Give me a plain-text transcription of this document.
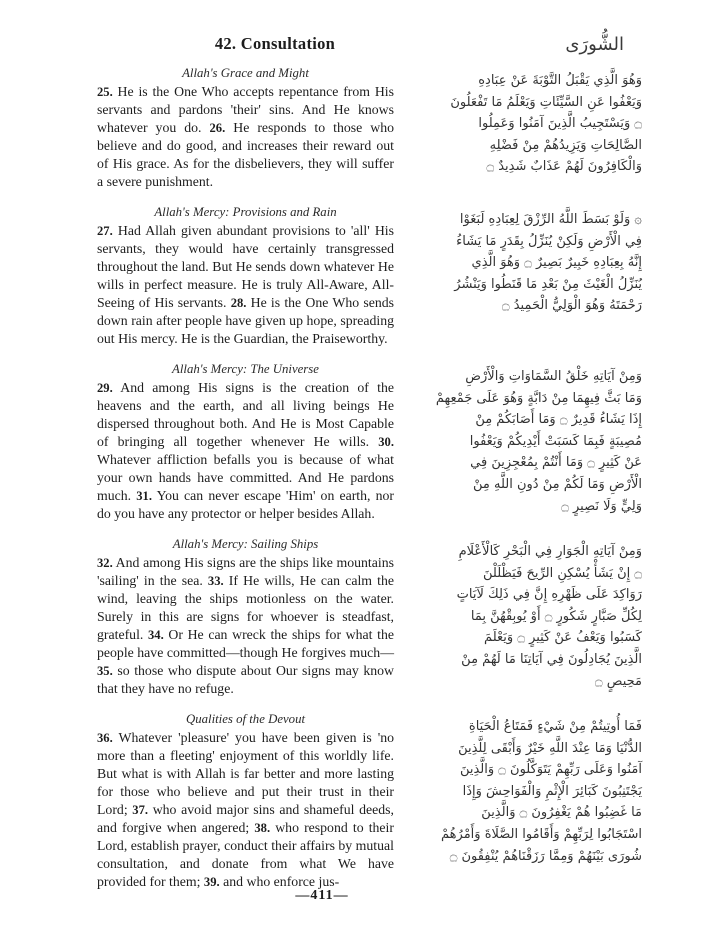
42. Consultation	الشُّورَى
Allah's Grace and Might

25. He is the One Who accepts repentance from His servants and pardons 'their' sins. And He knows whatever you do. 26. He responds to those who believe and do good, and increases their reward out of His grace. As for the disbelievers, they will suffer a severe punishment.

وَهُوَ الَّذِي يَقْبَلُ التَّوْبَةَ عَنْ عِبَادِهِ
وَيَعْفُوا عَنِ السَّيِّئَاتِ وَيَعْلَمُ مَا تَفْعَلُونَ
۝ وَيَسْتَجِيبُ الَّذِينَ آمَنُوا وَعَمِلُوا
الصَّالِحَاتِ وَيَزِيدُهُمْ مِنْ فَضْلِهِ
وَالْكَافِرُونَ لَهُمْ عَذَابٌ شَدِيدٌ ۝
Allah's Mercy: Provisions and Rain

27. Had Allah given abundant provisions to 'all' His servants, they would have certainly transgressed throughout the land. But He sends down whatever He wills in perfect measure. He is truly All-Aware, All-Seeing of His servants. 28. He is the One Who sends down rain after people have given up hope, spreading out His mercy. He is the Guardian, the Praiseworthy.

۞ وَلَوْ بَسَطَ اللَّهُ الرِّزْقَ لِعِبَادِهِ لَبَغَوْا
فِي الْأَرْضِ وَلَكِنْ يُنَزِّلُ بِقَدَرٍ مَا يَشَاءُ
إِنَّهُ بِعِبَادِهِ خَبِيرٌ بَصِيرٌ ۝ وَهُوَ الَّذِي
يُنَزِّلُ الْغَيْثَ مِنْ بَعْدِ مَا قَنَطُوا وَيَنْشُرُ
رَحْمَتَهُ وَهُوَ الْوَلِيُّ الْحَمِيدُ ۝
Allah's Mercy: The Universe

29. And among His signs is the creation of the heavens and the earth, and all living beings He dispersed throughout both. And He is Most Capable of bringing all together whenever He wills. 30. Whatever affliction befalls you is because of what your own hands have committed. And He pardons much. 31. You can never escape 'Him' on earth, nor do you have any protector or helper besides Allah.

وَمِنْ آيَاتِهِ خَلْقُ السَّمَاوَاتِ وَالْأَرْضِ
وَمَا بَثَّ فِيهِمَا مِنْ دَابَّةٍ وَهُوَ عَلَى جَمْعِهِمْ
إِذَا يَشَاءُ قَدِيرٌ ۝ وَمَا أَصَابَكُمْ مِنْ
مُصِيبَةٍ فَبِمَا كَسَبَتْ أَيْدِيكُمْ وَيَعْفُوا
عَنْ كَثِيرٍ ۝ وَمَا أَنْتُمْ بِمُعْجِزِينَ فِي
الْأَرْضِ وَمَا لَكُمْ مِنْ دُونِ اللَّهِ مِنْ
وَلِيٍّ وَلَا نَصِيرٍ ۝
Allah's Mercy: Sailing Ships

32. And among His signs are the ships like mountains 'sailing' in the sea. 33. If He wills, He can calm the wind, leaving the ships motionless on the water. Surely in this are signs for whoever is steadfast, grateful. 34. Or He can wreck the ships for what the people have committed—though He forgives much— 35. so those who dispute about Our signs may know that they have no refuge.

وَمِنْ آيَاتِهِ الْجَوَارِ فِي الْبَحْرِ كَالْأَعْلَامِ
۝ إِنْ يَشَأْ يُسْكِنِ الرِّيحَ فَيَظْلَلْنَ
رَوَاكِدَ عَلَى ظَهْرِهِ إِنَّ فِي ذَلِكَ لَآيَاتٍ
لِكُلِّ صَبَّارٍ شَكُورٍ ۝ أَوْ يُوبِقْهُنَّ بِمَا
كَسَبُوا وَيَعْفُ عَنْ كَثِيرٍ ۝ وَيَعْلَمَ
الَّذِينَ يُجَادِلُونَ فِي آيَاتِنَا مَا لَهُمْ مِنْ
مَحِيصٍ ۝
Qualities of the Devout

36. Whatever 'pleasure' you have been given is 'no more than a fleeting' enjoyment of this worldly life. But what is with Allah is far better and more lasting for those who believe and put their trust in their Lord; 37. who avoid major sins and shameful deeds, and forgive when angered; 38. who respond to their Lord, establish prayer, conduct their affairs by mutual consultation, and donate from what We have provided for them; 39. and who enforce jus-

فَمَا أُوتِيتُمْ مِنْ شَيْءٍ فَمَتَاعُ الْحَيَاةِ
الدُّنْيَا وَمَا عِنْدَ اللَّهِ خَيْرٌ وَأَبْقَى لِلَّذِينَ
آمَنُوا وَعَلَى رَبِّهِمْ يَتَوَكَّلُونَ ۝ وَالَّذِينَ
يَجْتَنِبُونَ كَبَائِرَ الْإِثْمِ وَالْفَوَاحِشَ وَإِذَا
مَا غَضِبُوا هُمْ يَغْفِرُونَ ۝ وَالَّذِينَ
اسْتَجَابُوا لِرَبِّهِمْ وَأَقَامُوا الصَّلَاةَ وَأَمْرُهُمْ
شُورَى بَيْنَهُمْ وَمِمَّا رَزَقْنَاهُمْ يُنْفِقُونَ ۝
—411—
